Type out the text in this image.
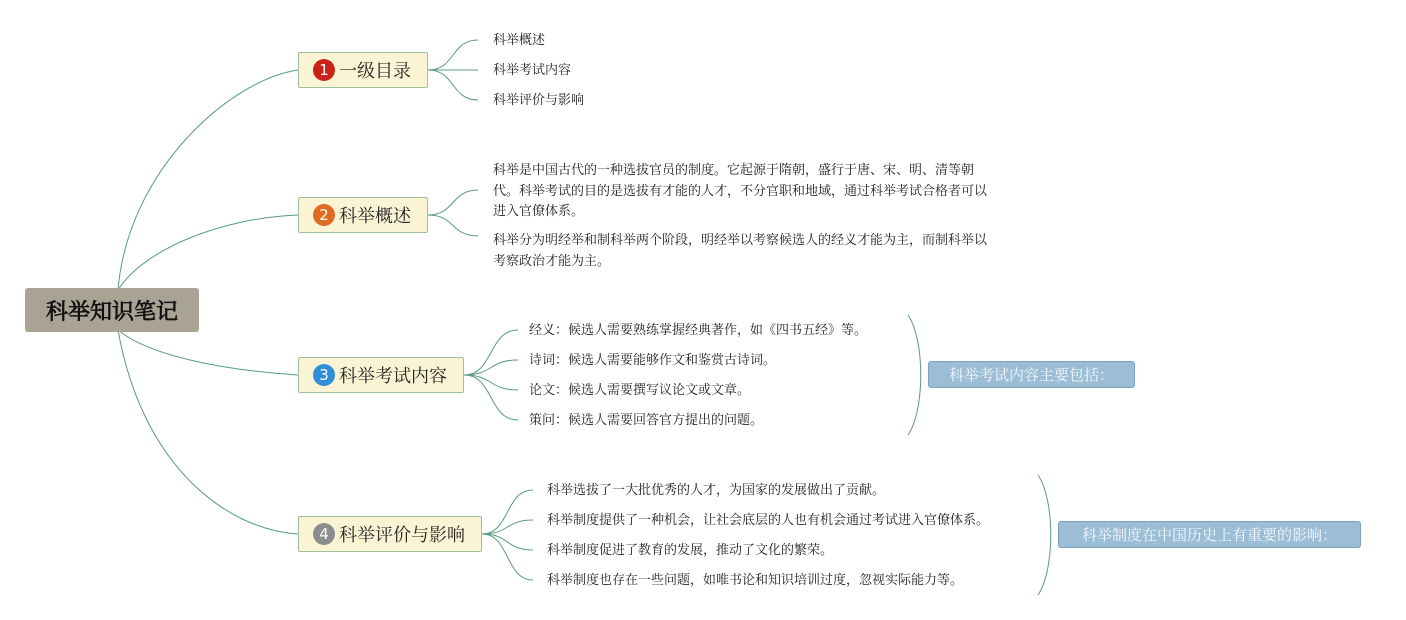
科举知识笔记
1 一级目录
科举概述
科举考试内容
科举评价与影响
2 科举概述
科举是中国古代的一种选拔官员的制度。它起源于隋朝，盛行于唐、宋、明、清等朝代。科举考试的目的是选拔有才能的人才，不分官职和地域，通过科举考试合格者可以进入官僚体系。
科举分为明经举和制科举两个阶段，明经举以考察候选人的经义才能为主，而制科举以考察政治才能为主。
3 科举考试内容
经义：候选人需要熟练掌握经典著作，如《四书五经》等。
诗词：候选人需要能够作文和鉴赏古诗词。
论文：候选人需要撰写议论文或文章。
策问：候选人需要回答官方提出的问题。
科举考试内容主要包括：
4 科举评价与影响
科举选拔了一大批优秀的人才，为国家的发展做出了贡献。
科举制度提供了一种机会，让社会底层的人也有机会通过考试进入官僚体系。
科举制度促进了教育的发展，推动了文化的繁荣。
科举制度也存在一些问题，如唯书论和知识培训过度，忽视实际能力等。
科举制度在中国历史上有重要的影响：
